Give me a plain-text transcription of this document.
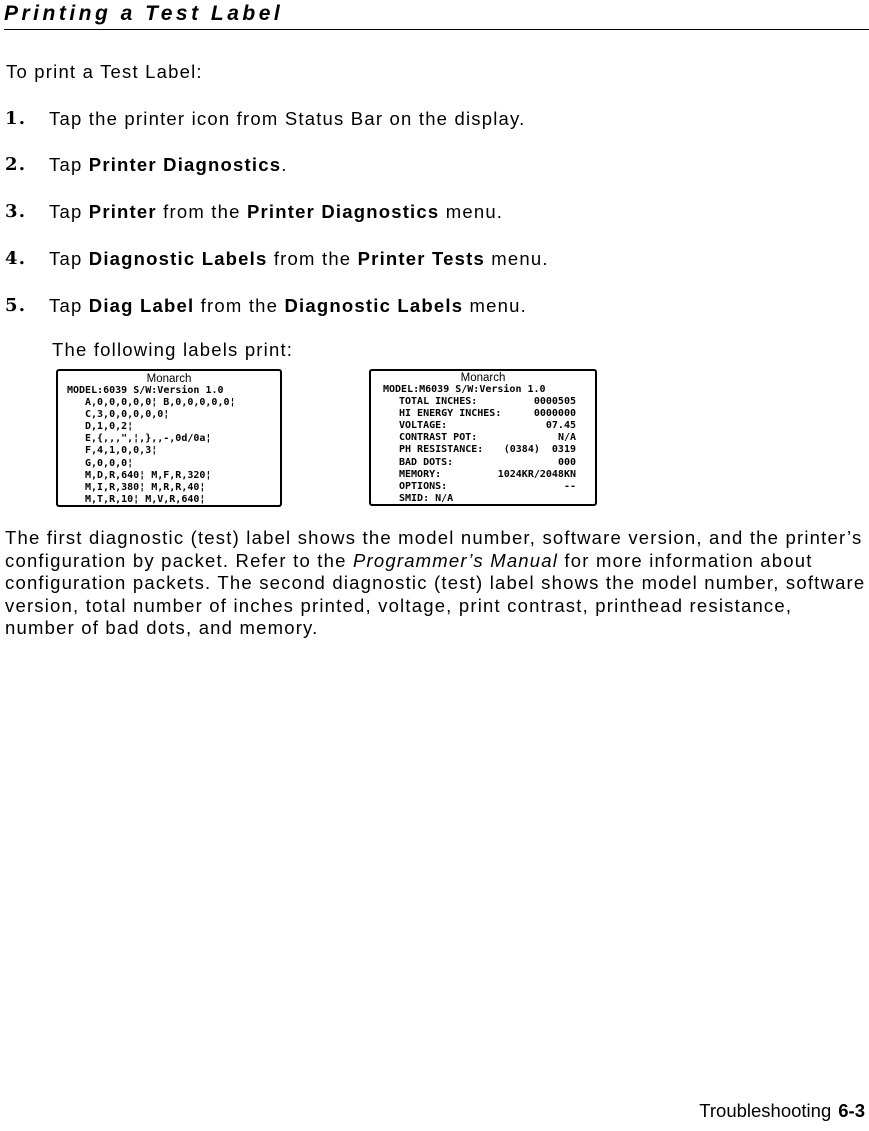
Printing a Test Label
To print a Test Label:
1.	Tap the printer icon from Status Bar on the display.
2.	Tap Printer Diagnostics.
3.	Tap Printer from the Printer Diagnostics menu.
4.	Tap Diagnostic Labels from the Printer Tests menu.
5.	Tap Diag Label from the Diagnostic Labels menu.
The following labels print:
Monarch
MODEL:6039 S/W:Version 1.0
A,0,0,0,0,0¦ B,0,0,0,0,0¦
C,3,0,0,0,0,0¦
D,1,0,2¦
E,{,,,",¦,},,-,0d/0a¦
F,4,1,0,0,3¦
G,0,0,0¦
M,D,R,640¦ M,F,R,320¦
M,I,R,380¦ M,R,R,40¦
M,T,R,10¦ M,V,R,640¦
Monarch
MODEL:M6039 S/W:Version 1.0
TOTAL INCHES:	0000505
HI ENERGY INCHES:	0000000
VOLTAGE:	07.45
CONTRAST POT:	N/A
PH RESISTANCE: (0384)  0319
BAD DOTS:	000
MEMORY:	1024KR/2048KN
OPTIONS:	--
SMID: N/A

The first diagnostic (test) label shows the model number, software version, and the printer’s configuration by packet. Refer to the Programmer’s Manual for more information about configuration packets. The second diagnostic (test) label shows the model number, software version, total number of inches printed, voltage, print contrast, printhead resistance, number of bad dots, and memory.

Troubleshooting 6-3
